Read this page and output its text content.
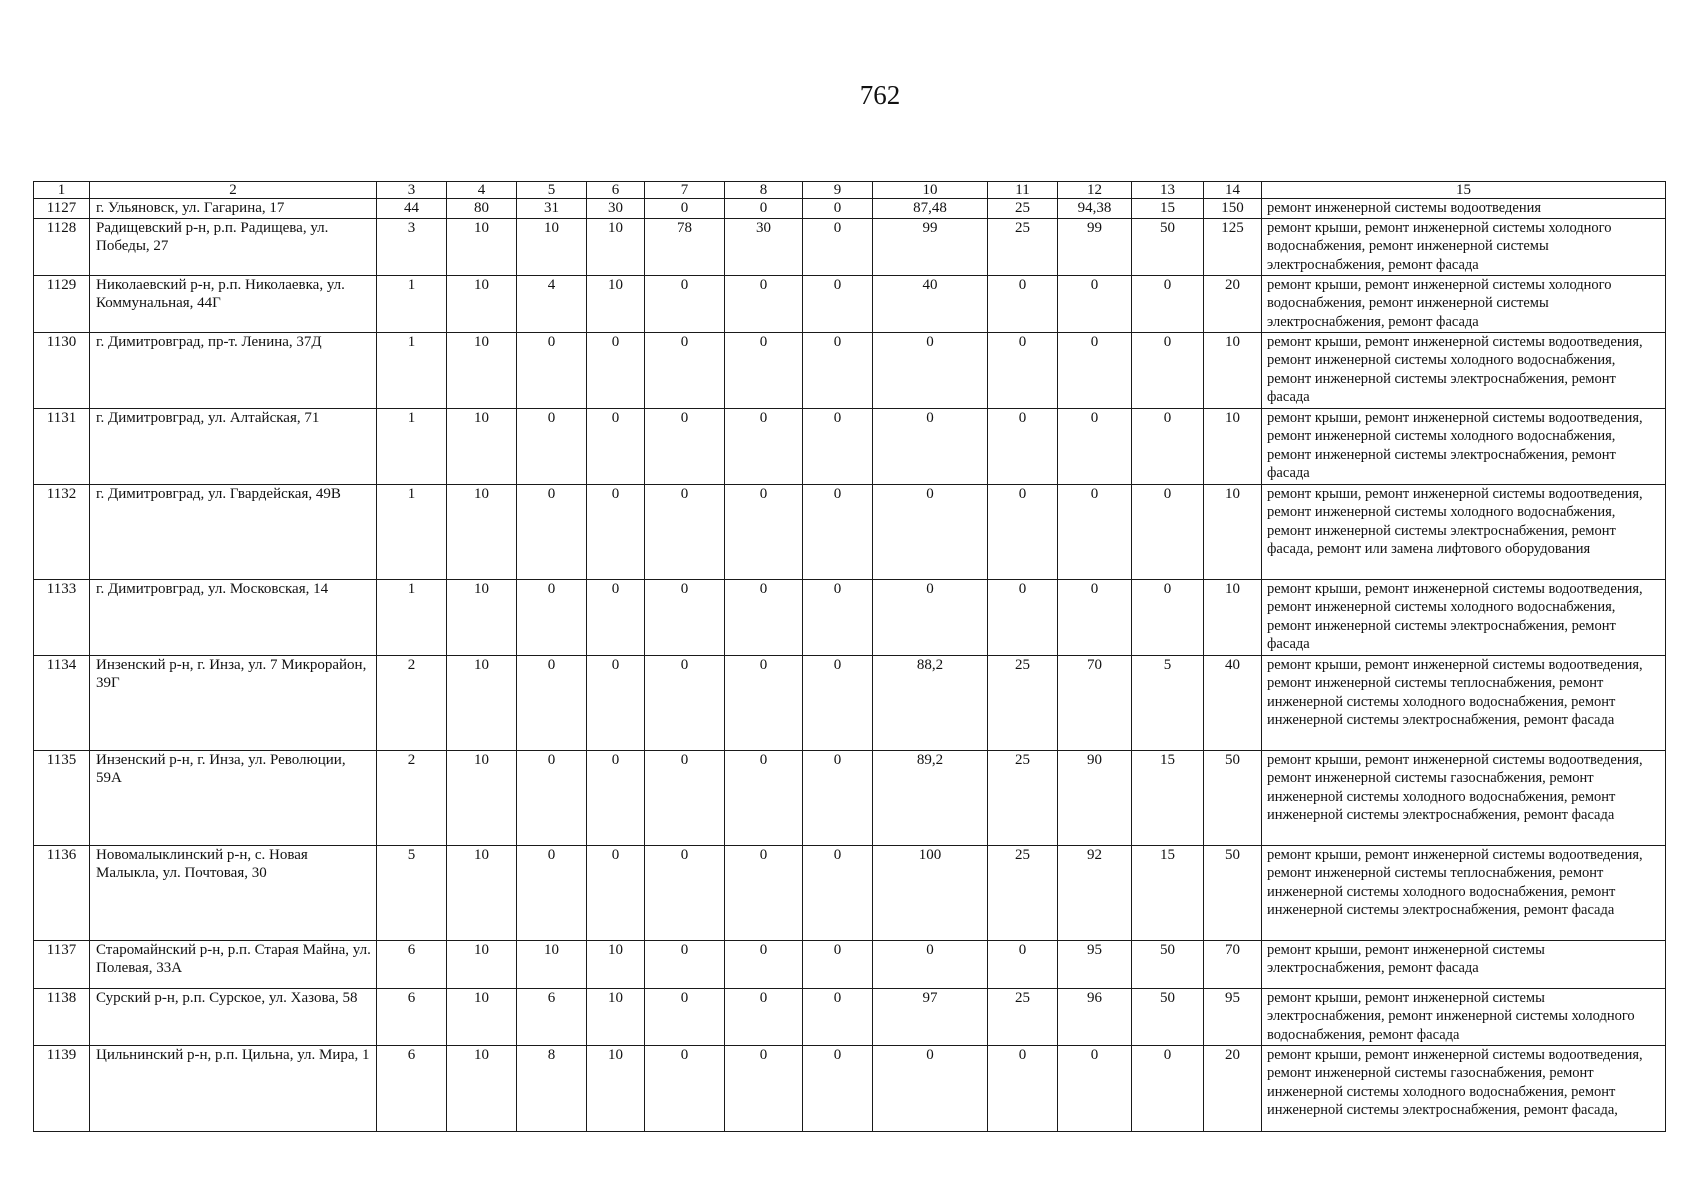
762
1	2	3	4	5	6	7	8	9	10	11	12	13	14	15
1127	г. Ульяновск, ул. Гагарина, 17	44	80	31	30	0	0	0	87,48	25	94,38	15	150	ремонт инженерной системы водоотведения
1128	Радищевский р-н, р.п. Радищева, ул. Победы, 27	3	10	10	10	78	30	0	99	25	99	50	125	ремонт крыши, ремонт инженерной системы холодного водоснабжения, ремонт инженерной системы электроснабжения, ремонт фасада
1129	Николаевский р-н, р.п. Николаевка, ул. Коммунальная, 44Г	1	10	4	10	0	0	0	40	0	0	0	20	ремонт крыши, ремонт инженерной системы холодного водоснабжения, ремонт инженерной системы электроснабжения, ремонт фасада
1130	г. Димитровград, пр-т. Ленина, 37Д	1	10	0	0	0	0	0	0	0	0	0	10	ремонт крыши, ремонт инженерной системы водоотведения, ремонт инженерной системы холодного водоснабжения, ремонт инженерной системы электроснабжения, ремонт фасада
1131	г. Димитровград, ул. Алтайская, 71	1	10	0	0	0	0	0	0	0	0	0	10	ремонт крыши, ремонт инженерной системы водоотведения, ремонт инженерной системы холодного водоснабжения, ремонт инженерной системы электроснабжения, ремонт фасада
1132	г. Димитровград, ул. Гвардейская, 49В	1	10	0	0	0	0	0	0	0	0	0	10	ремонт крыши, ремонт инженерной системы водоотведения, ремонт инженерной системы холодного водоснабжения, ремонт инженерной системы электроснабжения, ремонт фасада, ремонт или замена лифтового оборудования
1133	г. Димитровград, ул. Московская, 14	1	10	0	0	0	0	0	0	0	0	0	10	ремонт крыши, ремонт инженерной системы водоотведения, ремонт инженерной системы холодного водоснабжения, ремонт инженерной системы электроснабжения, ремонт фасада
1134	Инзенский р-н, г. Инза, ул. 7 Микрорайон, 39Г	2	10	0	0	0	0	0	88,2	25	70	5	40	ремонт крыши, ремонт инженерной системы водоотведения, ремонт инженерной системы теплоснабжения, ремонт инженерной системы холодного водоснабжения, ремонт инженерной системы электроснабжения, ремонт фасада
1135	Инзенский р-н, г. Инза, ул. Революции, 59А	2	10	0	0	0	0	0	89,2	25	90	15	50	ремонт крыши, ремонт инженерной системы водоотведения, ремонт инженерной системы газоснабжения, ремонт инженерной системы холодного водоснабжения, ремонт инженерной системы электроснабжения, ремонт фасада
1136	Новомалыклинский р-н, с. Новая Малыкла, ул. Почтовая, 30	5	10	0	0	0	0	0	100	25	92	15	50	ремонт крыши, ремонт инженерной системы водоотведения, ремонт инженерной системы теплоснабжения, ремонт инженерной системы холодного водоснабжения, ремонт инженерной системы электроснабжения, ремонт фасада
1137	Старомайнский р-н, р.п. Старая Майна, ул. Полевая, 33А	6	10	10	10	0	0	0	0	0	95	50	70	ремонт крыши, ремонт инженерной системы электроснабжения, ремонт фасада
1138	Сурский р-н, р.п. Сурское, ул. Хазова, 58	6	10	6	10	0	0	0	97	25	96	50	95	ремонт крыши, ремонт инженерной системы электроснабжения, ремонт инженерной системы холодного водоснабжения, ремонт фасада
1139	Цильнинский р-н, р.п. Цильна, ул. Мира, 1	6	10	8	10	0	0	0	0	0	0	0	20	ремонт крыши, ремонт инженерной системы водоотведения, ремонт инженерной системы газоснабжения, ремонт инженерной системы холодного водоснабжения, ремонт инженерной системы электроснабжения, ремонт фасада,
